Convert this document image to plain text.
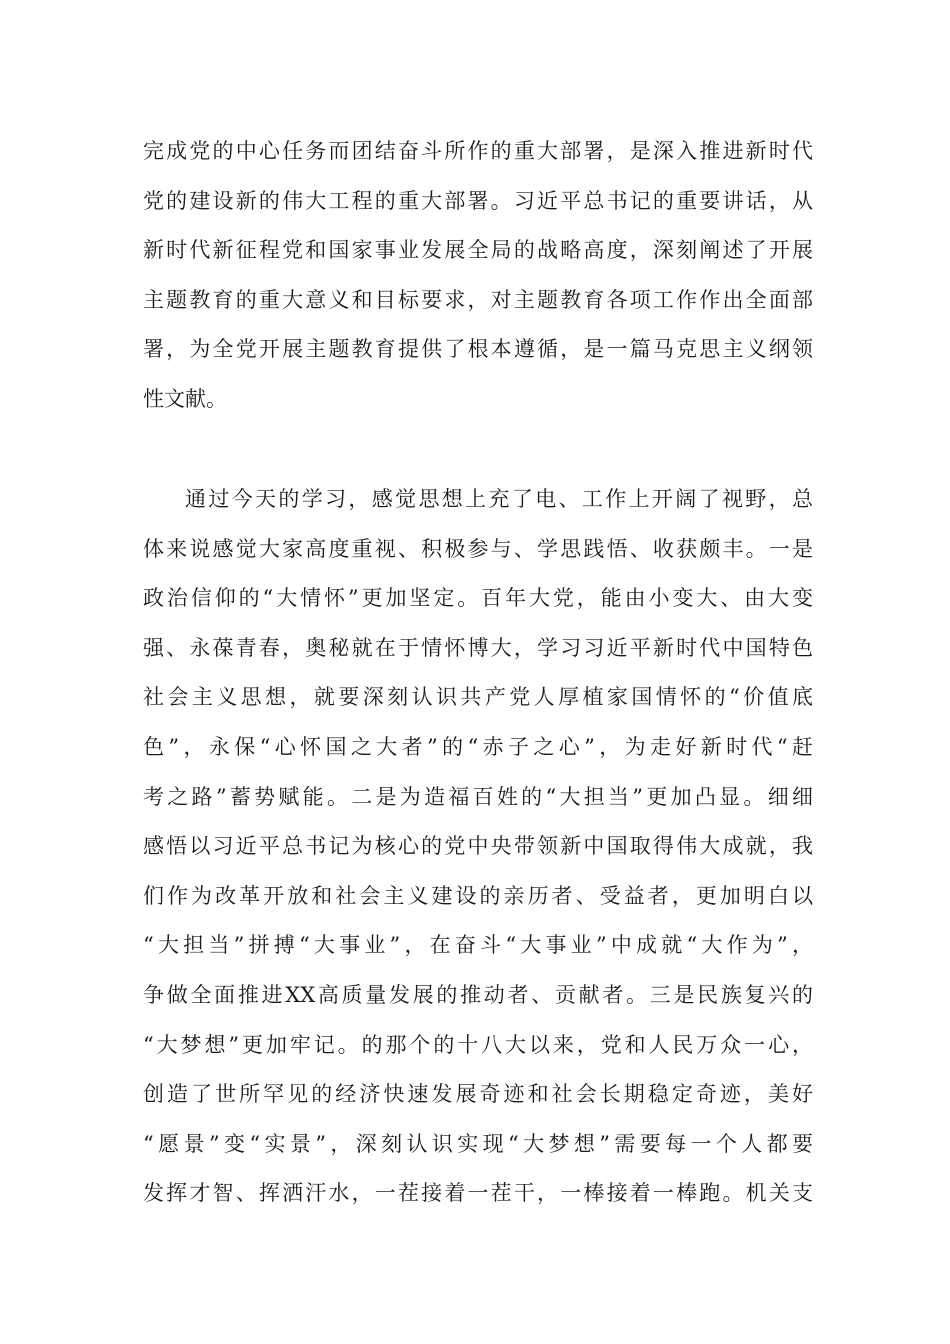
完成党的中心任务而团结奋斗所作的重大部署，是深入推进新时代
党的建设新的伟大工程的重大部署。习近平总书记的重要讲话，从
新时代新征程党和国家事业发展全局的战略高度，深刻阐述了开展
主题教育的重大意义和目标要求，对主题教育各项工作作出全面部
署，为全党开展主题教育提供了根本遵循，是一篇马克思主义纲领
性文献。
通过今天的学习，感觉思想上充了电、工作上开阔了视野，总
体来说感觉大家高度重视、积极参与、学思践悟、收获颇丰。一是
政治信仰的“大情怀”更加坚定。百年大党，能由小变大、由大变
强、永葆青春，奥秘就在于情怀博大，学习习近平新时代中国特色
社会主义思想，就要深刻认识共产党人厚植家国情怀的“价值底
色”，永保“心怀国之大者”的“赤子之心”，为走好新时代“赶
考之路”蓄势赋能。二是为造福百姓的“大担当”更加凸显。细细
感悟以习近平总书记为核心的党中央带领新中国取得伟大成就，我
们作为改革开放和社会主义建设的亲历者、受益者，更加明白以
“大担当”拼搏“大事业”，在奋斗“大事业”中成就“大作为”，
争做全面推进XX高质量发展的推动者、贡献者。三是民族复兴的
“大梦想”更加牢记。的那个的十八大以来，党和人民万众一心，
创造了世所罕见的经济快速发展奇迹和社会长期稳定奇迹，美好
“愿景”变“实景”，深刻认识实现“大梦想”需要每一个人都要
发挥才智、挥洒汗水，一茬接着一茬干，一棒接着一棒跑。机关支
